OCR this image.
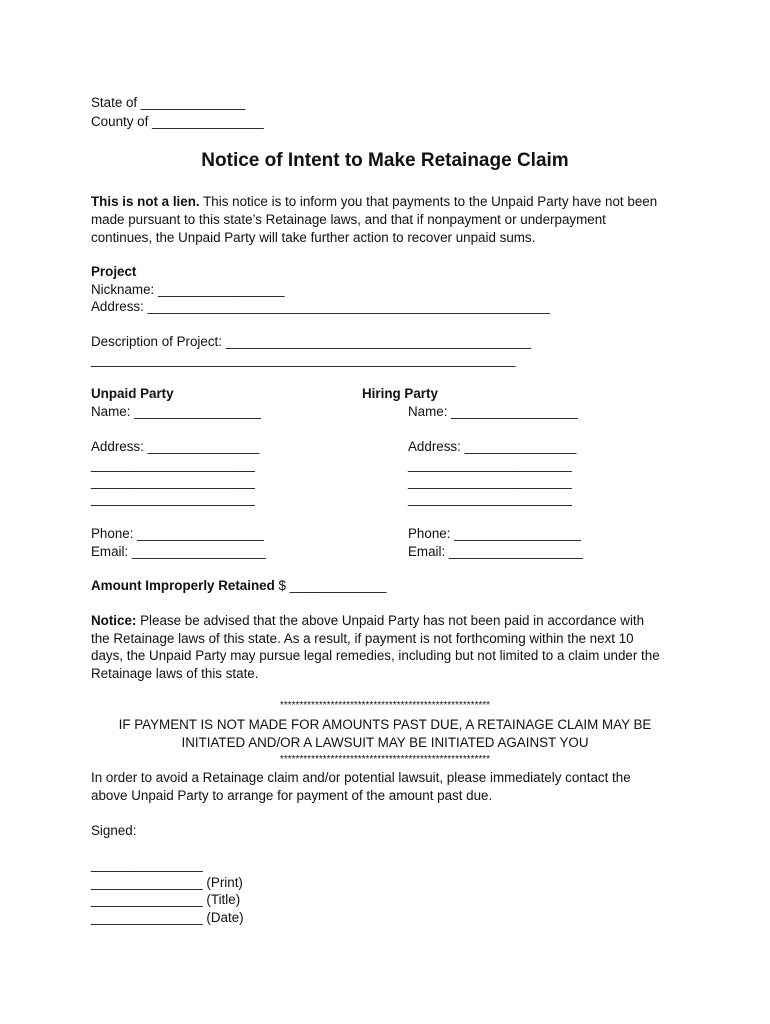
State of ______________
County of _______________
Notice of Intent to Make Retainage Claim
This is not a lien. This notice is to inform you that payments to the Unpaid Party have not been
made pursuant to this state’s Retainage laws, and that if nonpayment or underpayment
continues, the Unpaid Party will take further action to recover unpaid sums.
Project
Nickname: _________________
Address: ______________________________________________________
Description of Project: _________________________________________
_________________________________________________________
Unpaid Party	Hiring Party
Name: _________________	Name: _________________
Address: _______________	Address: _______________
______________________	______________________
______________________	______________________
______________________	______________________
Phone: _________________	Phone: _________________
Email: __________________	Email: __________________
Amount Improperly Retained $ _____________
Notice: Please be advised that the above Unpaid Party has not been paid in accordance with
the Retainage laws of this state. As a result, if payment is not forthcoming within the next 10
days, the Unpaid Party may pursue legal remedies, including but not limited to a claim under the
Retainage laws of this state.
******************************************************
IF PAYMENT IS NOT MADE FOR AMOUNTS PAST DUE, A RETAINAGE CLAIM MAY BE
INITIATED AND/OR A LAWSUIT MAY BE INITIATED AGAINST YOU
******************************************************
In order to avoid a Retainage claim and/or potential lawsuit, please immediately contact the
above Unpaid Party to arrange for payment of the amount past due.
Signed:
_______________
_______________ (Print)
_______________ (Title)
_______________ (Date)
